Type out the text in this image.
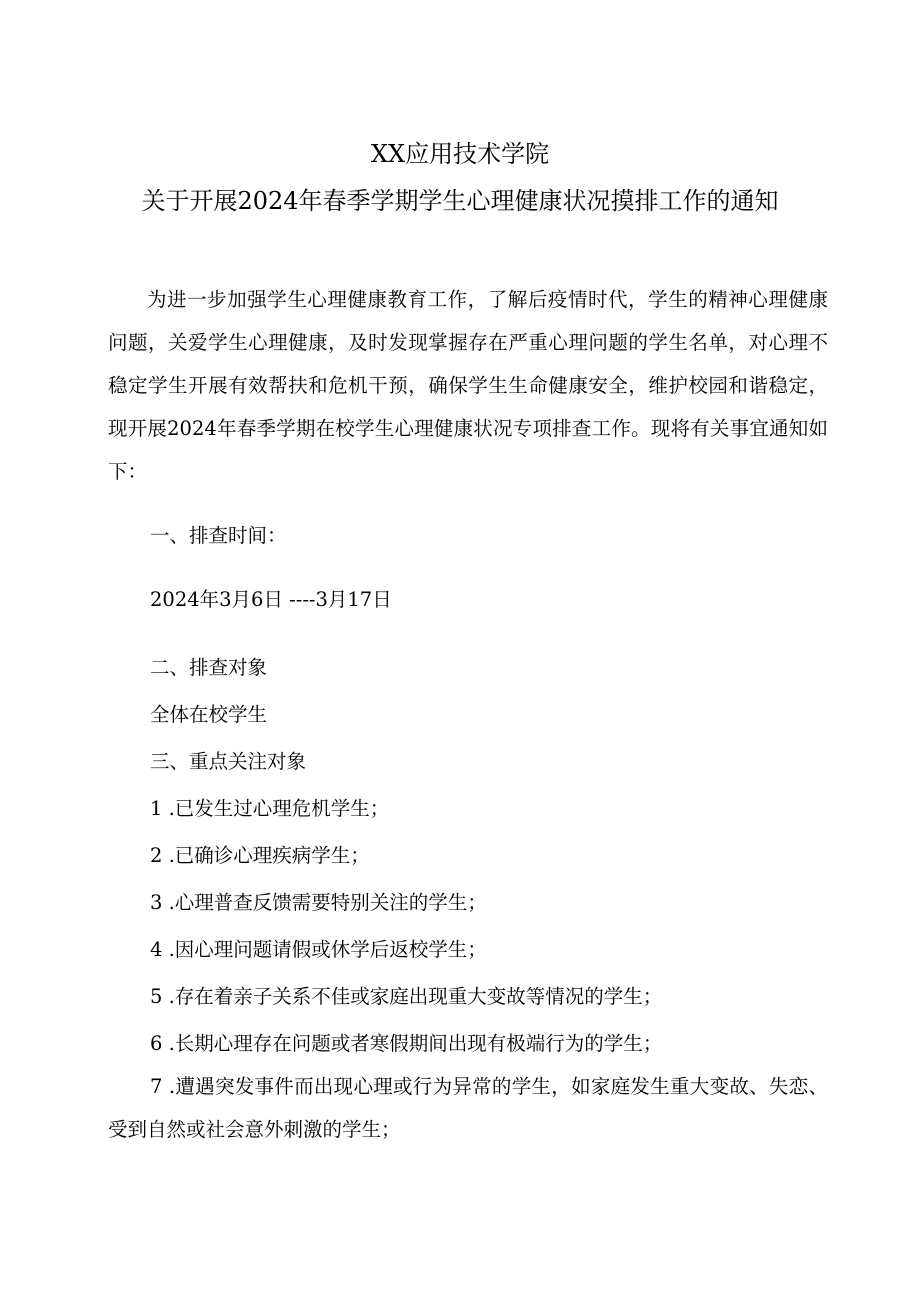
XX应用技术学院
关于开展2024年春季学期学生心理健康状况摸排工作的通知

为进一步加强学生心理健康教育工作，了解后疫情时代，学生的精神心理健康问题，关爱学生心理健康，及时发现掌握存在严重心理问题的学生名单，对心理不稳定学生开展有效帮扶和危机干预，确保学生生命健康安全，维护校园和谐稳定，现开展2024年春季学期在校学生心理健康状况专项排查工作。现将有关事宜通知如下：

一、排查时间：

2024年3月6日 ----3月17日

二、排查对象

全体在校学生

三、重点关注对象

1 .已发生过心理危机学生；

2 .已确诊心理疾病学生；

3 .心理普查反馈需要特别关注的学生；

4 .因心理问题请假或休学后返校学生；

5 .存在着亲子关系不佳或家庭出现重大变故等情况的学生；

6 .长期心理存在问题或者寒假期间出现有极端行为的学生；

7 .遭遇突发事件而出现心理或行为异常的学生，如家庭发生重大变故、失恋、受到自然或社会意外刺激的学生；
